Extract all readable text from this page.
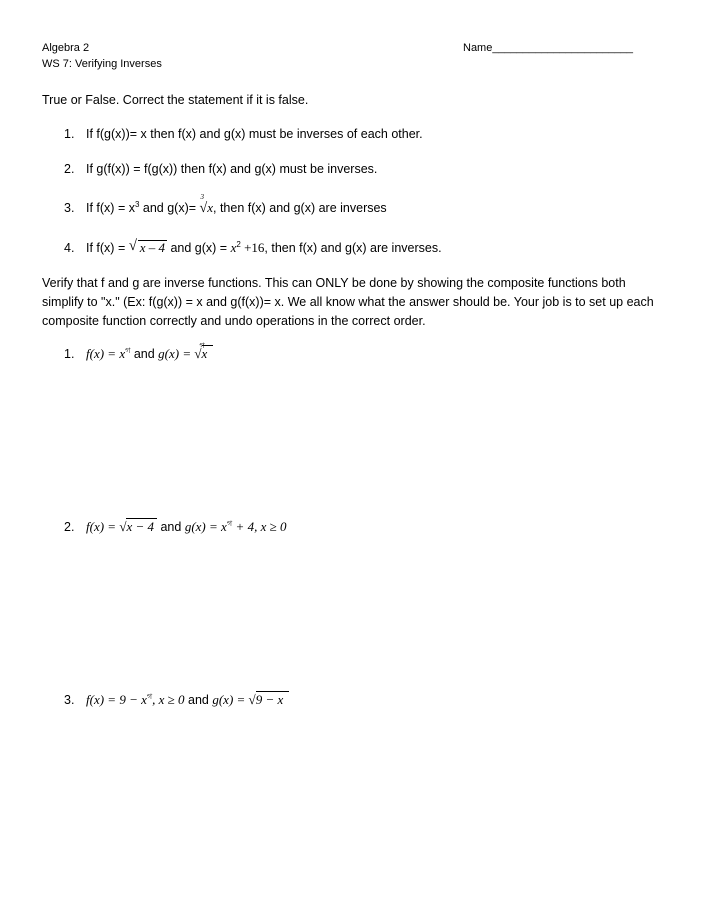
Algebra 2
WS 7: Verifying Inverses
Name_______________________
True or False. Correct the statement if it is false.
1. If f(g(x))= x then f(x) and g(x) must be inverses of each other.
2. If g(f(x)) = f(g(x)) then f(x) and g(x) must be inverses.
3. If $f(x) = x^3$ and g(x)=
3
√x, then f(x) and g(x) are inverses
4. If f(x) = √ x – 4 and $g(x) = x^2 +16$, then f(x) and g(x) are inverses.
Verify that f and g are inverse functions. This can ONLY be done by showing the composite functions both simplify to "x." (Ex: f(g(x)) = x and g(f(x))= x. We all know what the answer should be. Your job is to set up each composite function correctly and undo operations in the correct order.
1. $f(x) = x^গ$ and g(x) =
গ
√x
2. f(x) = √x − 4 and $g(x) = x^গ + 4$, x ≥ 0
3. $f(x) = 9 - x^গ$, x ≥ 0 and g(x) = √9 − x
